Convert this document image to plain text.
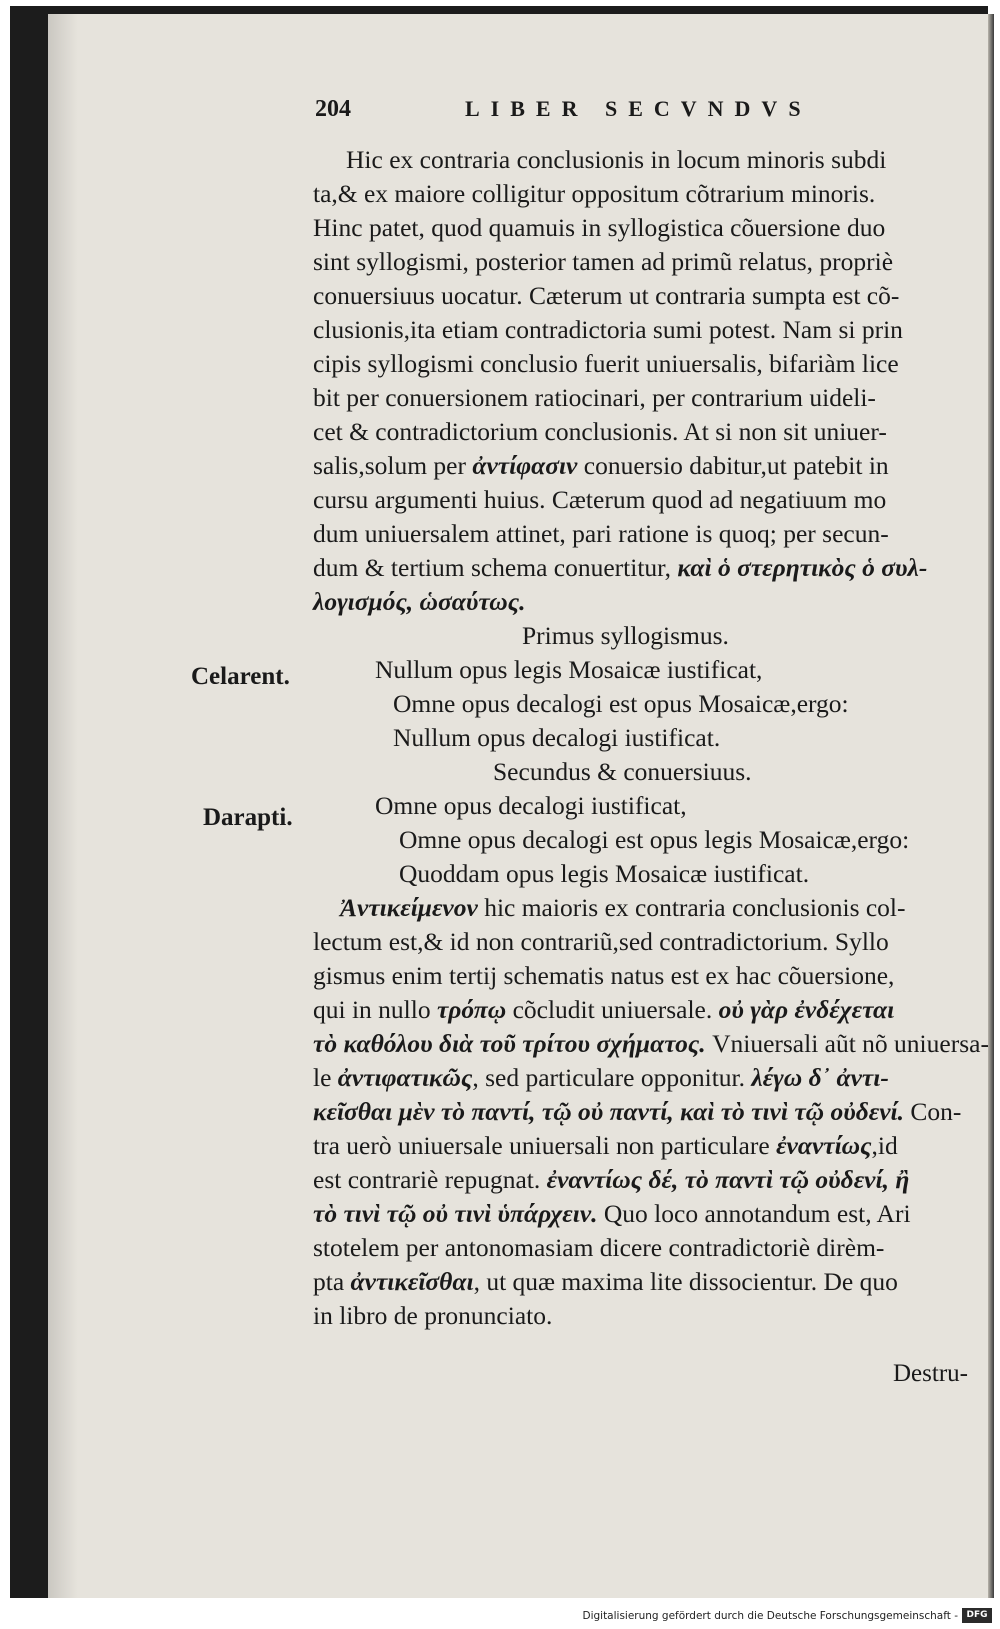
204	LIBER SECVNDVS
Hic ex contraria conclusionis in locum minoris subdi
ta,& ex maiore colligitur oppositum cõtrarium minoris.
Hinc patet, quod quamuis in syllogistica cõuersione duo
sint syllogismi, posterior tamen ad primũ relatus, propriè
conuersiuus uocatur. Cæterum ut contraria sumpta est cõ-
clusionis,ita etiam contradictoria sumi potest. Nam si prin
cipis syllogismi conclusio fuerit uniuersalis, bifariàm lice
bit per conuersionem ratiocinari, per contrarium uideli-
cet & contradictorium conclusionis. At si non sit uniuer-
salis,solum per ἀντίφασιν conuersio dabitur,ut patebit in
cursu argumenti huius. Cæterum quod ad negatiuum mo
dum uniuersalem attinet, pari ratione is quoq; per secun-
dum & tertium schema conuertitur, καὶ ὁ στερητικὸς ὁ συλ-
λογισμός, ὡσαύτως.
Primus syllogismus.
Nullum opus legis Mosaicæ iustificat,
Omne opus decalogi est opus Mosaicæ,ergo:
Nullum opus decalogi iustificat.
Secundus & conuersiuus.
Omne opus decalogi iustificat,
Omne opus decalogi est opus legis Mosaicæ,ergo:
Quoddam opus legis Mosaicæ iustificat.
Ἀντικείμενον hic maioris ex contraria conclusionis col-
lectum est,& id non contrariũ,sed contradictorium. Syllo
gismus enim tertij schematis natus est ex hac cõuersione,
qui in nullo τρόπῳ cõcludit uniuersale. οὐ γὰρ ἐνδέχεται
τὸ καθόλου διὰ τοῦ τρίτου σχήματος. Vniuersali aũt nõ uniuersa-
le ἀντιφατικῶς, sed particulare opponitur. λέγω δ᾽ ἀντι-
κεῖσθαι μὲν τὸ παντί, τῷ οὐ παντί, καὶ τὸ τινὶ τῷ οὐδενί. Con-
tra uerò uniuersale uniuersali non particulare ἐναντίως,id
est contrariè repugnat. ἐναντίως δέ, τὸ παντὶ τῷ οὐδενί, ἢ
τὸ τινὶ τῷ οὐ τινὶ ὑπάρχειν. Quo loco annotandum est, Ari
stotelem per antonomasiam dicere contradictoriè dirèm-
pta ἀντικεῖσθαι, ut quæ maxima lite dissocientur. De quo
in libro de pronunciato.
Celarent.
Darapti.
Destru-
Digitalisierung gefördert durch die Deutsche Forschungsgemeinschaft - DFG
